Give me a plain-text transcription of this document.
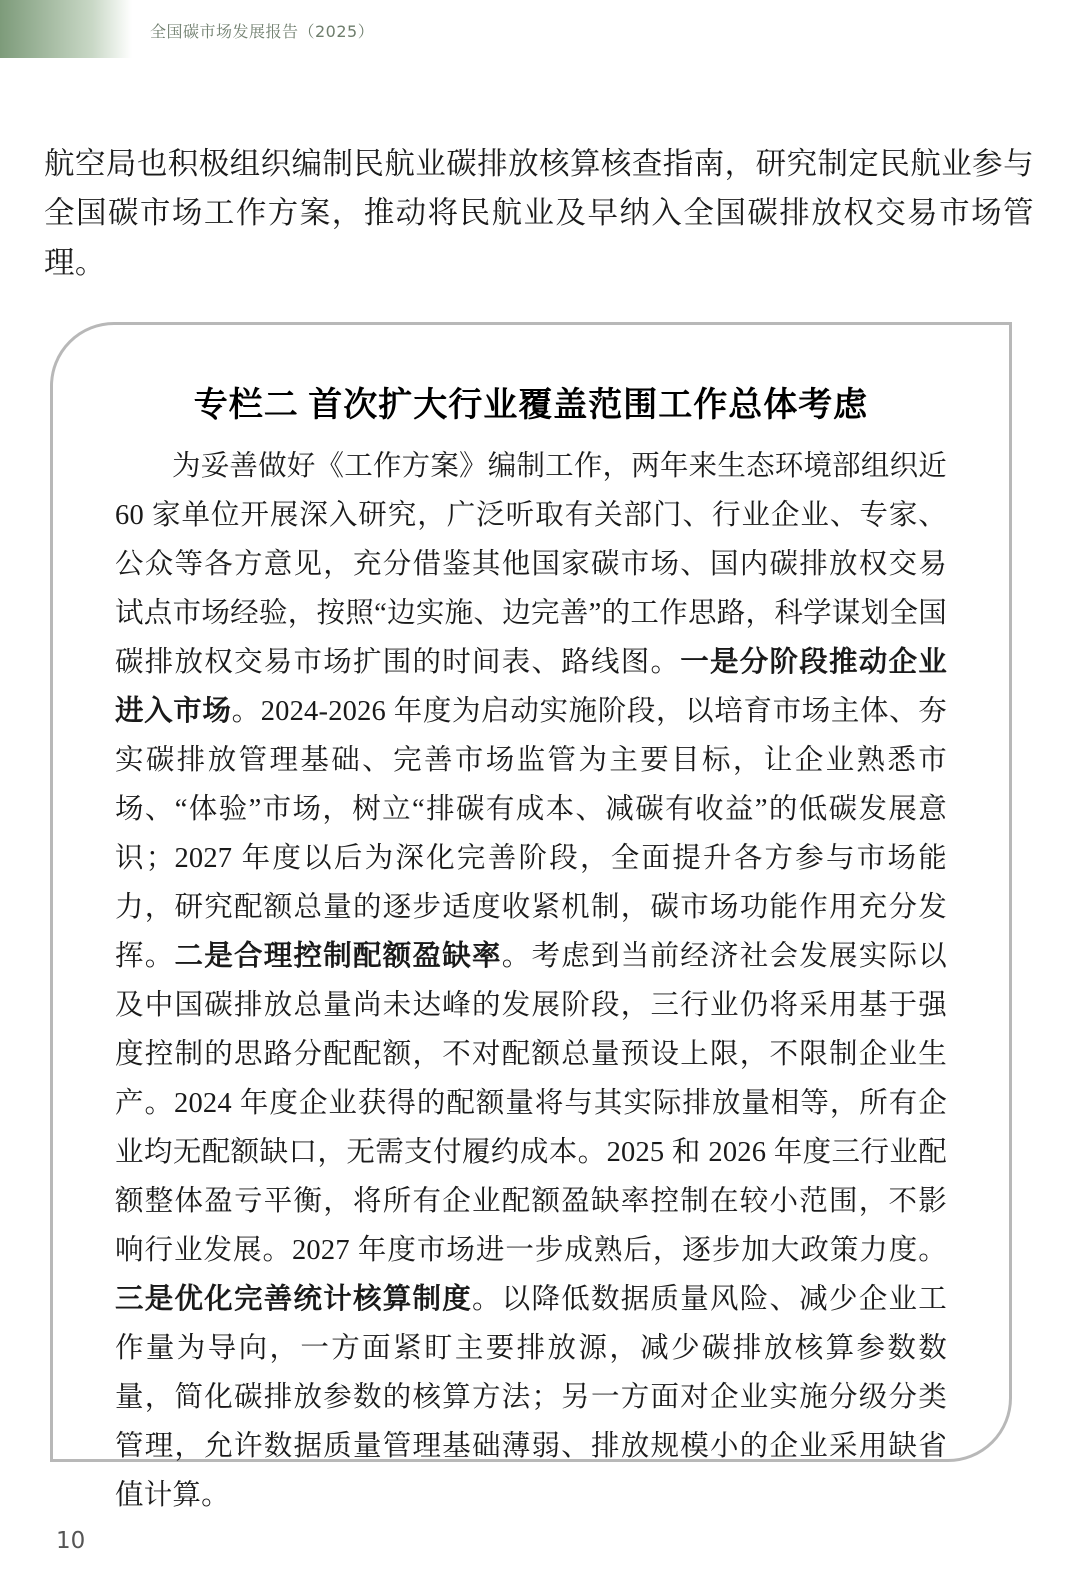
全国碳市场发展报告（2025）
航空局也积极组织编制民航业碳排放核算核查指南，研究制定民航业参与全国碳市场工作方案，推动将民航业及早纳入全国碳排放权交易市场管理。
专栏二 首次扩大行业覆盖范围工作总体考虑
为妥善做好《工作方案》编制工作，两年来生态环境部组织近 60 家单位开展深入研究，广泛听取有关部门、行业企业、专家、公众等各方意见，充分借鉴其他国家碳市场、国内碳排放权交易试点市场经验，按照“边实施、边完善”的工作思路，科学谋划全国碳排放权交易市场扩围的时间表、路线图。一是分阶段推动企业进入市场。2024-2026 年度为启动实施阶段，以培育市场主体、夯实碳排放管理基础、完善市场监管为主要目标，让企业熟悉市场、“体验”市场，树立“排碳有成本、减碳有收益”的低碳发展意识；2027 年度以后为深化完善阶段，全面提升各方参与市场能力，研究配额总量的逐步适度收紧机制，碳市场功能作用充分发挥。二是合理控制配额盈缺率。考虑到当前经济社会发展实际以及中国碳排放总量尚未达峰的发展阶段，三行业仍将采用基于强度控制的思路分配配额，不对配额总量预设上限，不限制企业生产。2024 年度企业获得的配额量将与其实际排放量相等，所有企业均无配额缺口，无需支付履约成本。2025 和 2026 年度三行业配额整体盈亏平衡，将所有企业配额盈缺率控制在较小范围，不影响行业发展。2027 年度市场进一步成熟后，逐步加大政策力度。三是优化完善统计核算制度。以降低数据质量风险、减少企业工作量为导向，一方面紧盯主要排放源，减少碳排放核算参数数量，简化碳排放参数的核算方法；另一方面对企业实施分级分类管理，允许数据质量管理基础薄弱、排放规模小的企业采用缺省值计算。
10
